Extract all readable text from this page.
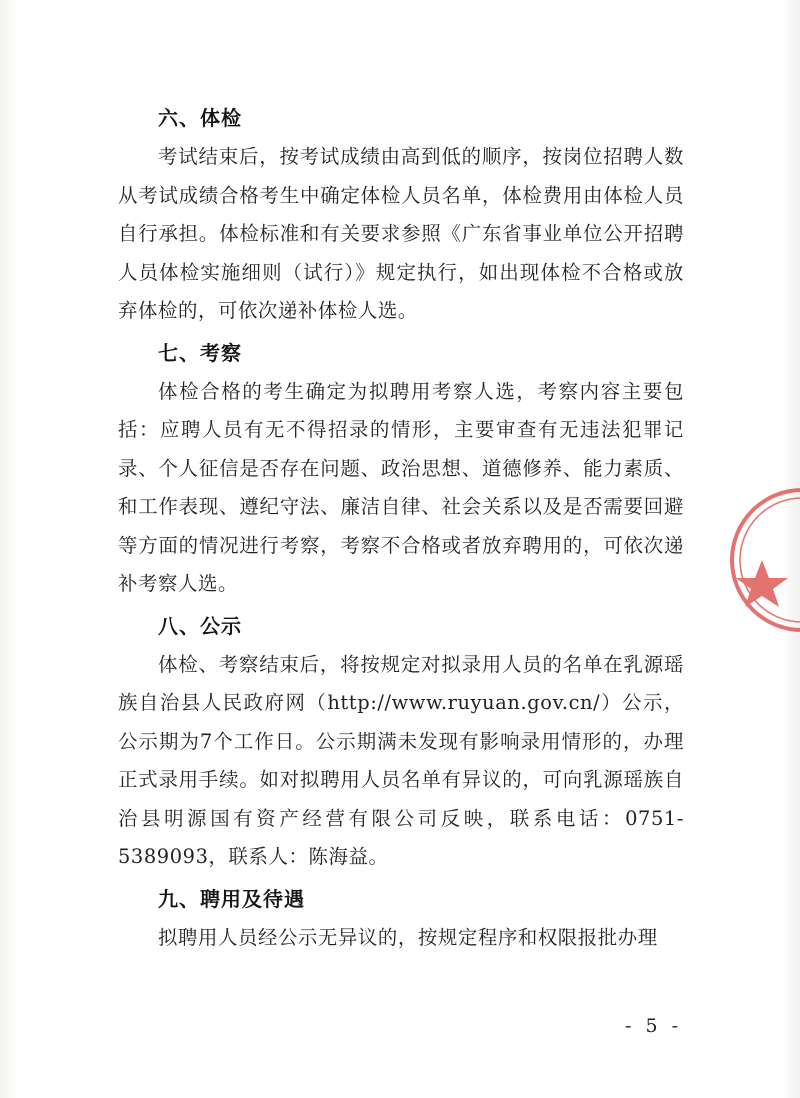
六、体检

考试结束后，按考试成绩由高到低的顺序，按岗位招聘人数从考试成绩合格考生中确定体检人员名单，体检费用由体检人员自行承担。体检标准和有关要求参照《广东省事业单位公开招聘人员体检实施细则（试行）》规定执行，如出现体检不合格或放弃体检的，可依次递补体检人选。

七、考察

体检合格的考生确定为拟聘用考察人选，考察内容主要包括：应聘人员有无不得招录的情形，主要审查有无违法犯罪记录、个人征信是否存在问题、政治思想、道德修养、能力素质、和工作表现、遵纪守法、廉洁自律、社会关系以及是否需要回避等方面的情况进行考察，考察不合格或者放弃聘用的，可依次递补考察人选。

八、公示

体检、考察结束后，将按规定对拟录用人员的名单在乳源瑶族自治县人民政府网（http://www.ruyuan.gov.cn/）公示，公示期为7个工作日。公示期满未发现有影响录用情形的，办理正式录用手续。如对拟聘用人员名单有异议的，可向乳源瑶族自治县明源国有资产经营有限公司反映，联系电话：0751-5389093，联系人：陈海益。

九、聘用及待遇

拟聘用人员经公示无异议的，按规定程序和权限报批办理

- 5 -
